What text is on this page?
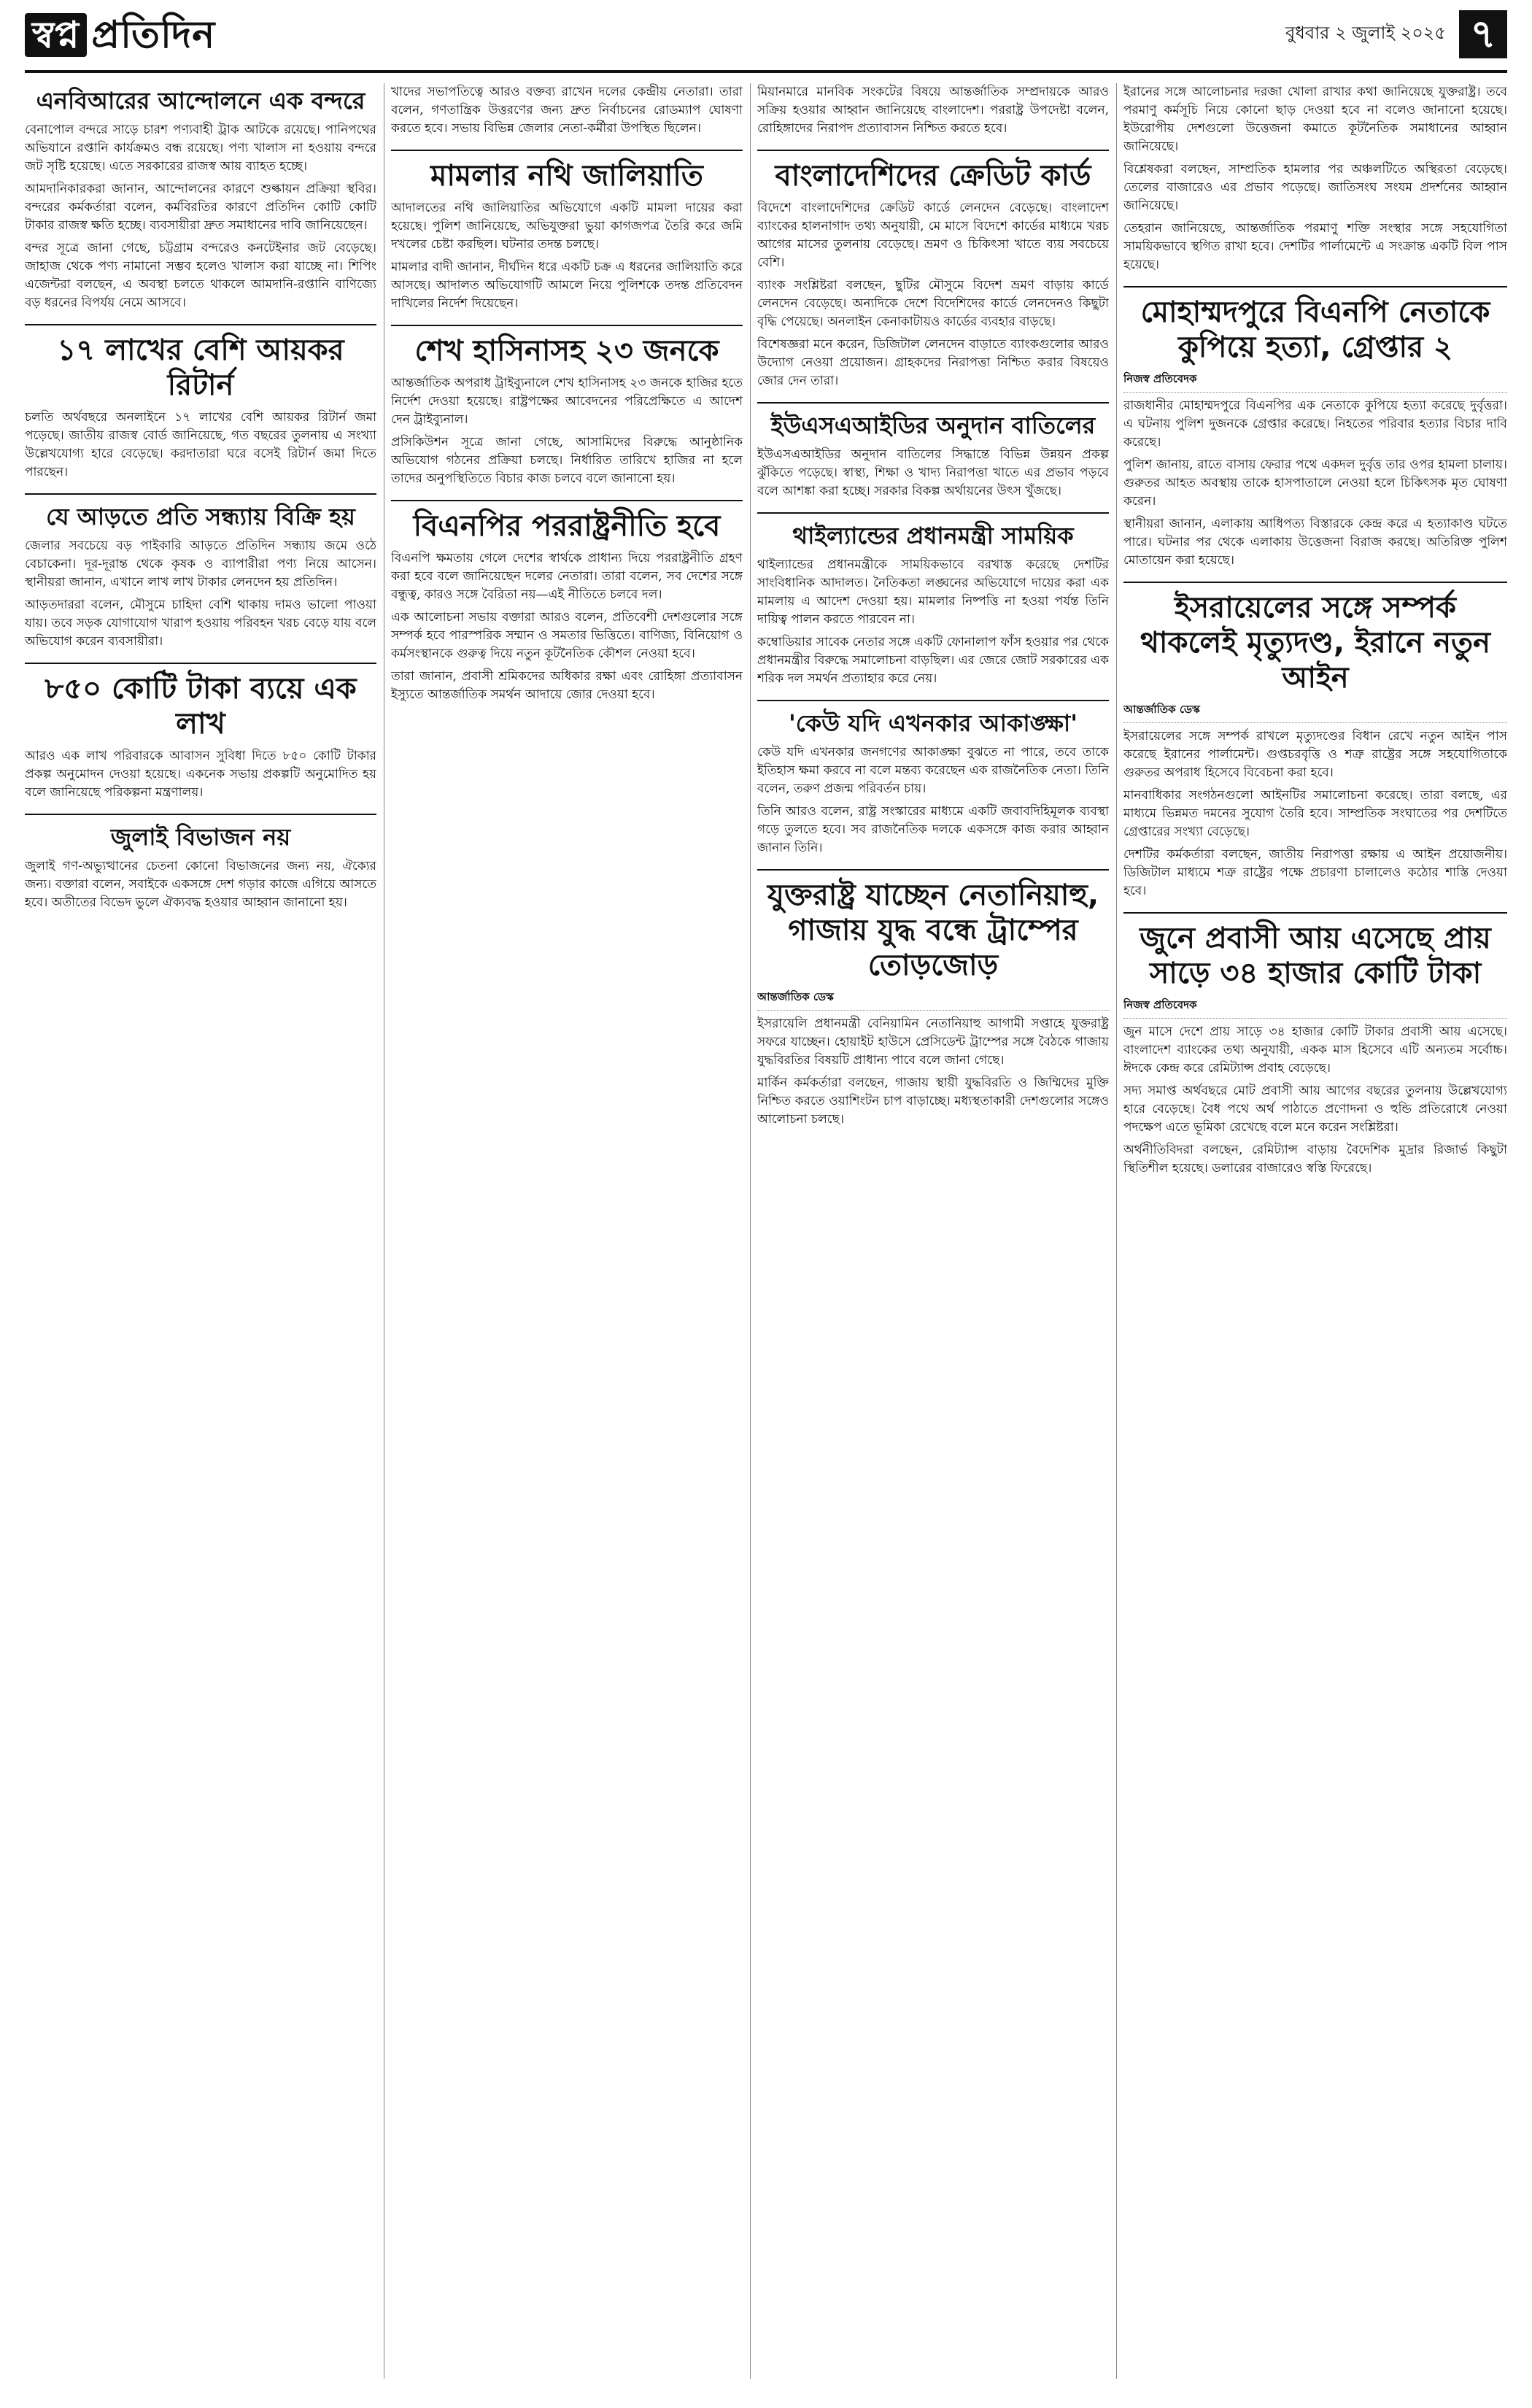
স্বপ্ন প্রতিদিন	বুধবার ২ জুলাই ২০২৫ ৭
এনবিআরের আন্দোলনে এক বন্দরে

বেনাপোল বন্দরে সাড়ে চারশ পণ্যবাহী ট্রাক আটকে রয়েছে। পানিপথের অভিযানে রপ্তানি কার্যক্রমও বন্ধ রয়েছে। পণ্য খালাস না হওয়ায় বন্দরে জট সৃষ্টি হয়েছে। এতে সরকারের রাজস্ব আয় ব্যাহত হচ্ছে।

আমদানিকারকরা জানান, আন্দোলনের কারণে শুল্কায়ন প্রক্রিয়া স্থবির। বন্দরের কর্মকর্তারা বলেন, কর্মবিরতির কারণে প্রতিদিন কোটি কোটি টাকার রাজস্ব ক্ষতি হচ্ছে। ব্যবসায়ীরা দ্রুত সমাধানের দাবি জানিয়েছেন।

বন্দর সূত্রে জানা গেছে, চট্টগ্রাম বন্দরেও কনটেইনার জট বেড়েছে। জাহাজ থেকে পণ্য নামানো সম্ভব হলেও খালাস করা যাচ্ছে না। শিপিং এজেন্টরা বলছেন, এ অবস্থা চলতে থাকলে আমদানি-রপ্তানি বাণিজ্যে বড় ধরনের বিপর্যয় নেমে আসবে।

১৭ লাখের বেশি আয়কর রিটার্ন

চলতি অর্থবছরে অনলাইনে ১৭ লাখের বেশি আয়কর রিটার্ন জমা পড়েছে। জাতীয় রাজস্ব বোর্ড জানিয়েছে, গত বছরের তুলনায় এ সংখ্যা উল্লেখযোগ্য হারে বেড়েছে। করদাতারা ঘরে বসেই রিটার্ন জমা দিতে পারছেন।

যে আড়তে প্রতি সন্ধ্যায় বিক্রি হয়

জেলার সবচেয়ে বড় পাইকারি আড়তে প্রতিদিন সন্ধ্যায় জমে ওঠে বেচাকেনা। দূর-দূরান্ত থেকে কৃষক ও ব্যাপারীরা পণ্য নিয়ে আসেন। স্থানীয়রা জানান, এখানে লাখ লাখ টাকার লেনদেন হয় প্রতিদিন।

আড়তদাররা বলেন, মৌসুমে চাহিদা বেশি থাকায় দামও ভালো পাওয়া যায়। তবে সড়ক যোগাযোগ খারাপ হওয়ায় পরিবহন খরচ বেড়ে যায় বলে অভিযোগ করেন ব্যবসায়ীরা।

৮৫০ কোটি টাকা ব্যয়ে এক লাখ

আরও এক লাখ পরিবারকে আবাসন সুবিধা দিতে ৮৫০ কোটি টাকার প্রকল্প অনুমোদন দেওয়া হয়েছে। একনেক সভায় প্রকল্পটি অনুমোদিত হয় বলে জানিয়েছে পরিকল্পনা মন্ত্রণালয়।

জুলাই বিভাজন নয়

জুলাই গণ-অভ্যুত্থানের চেতনা কোনো বিভাজনের জন্য নয়, ঐক্যের জন্য। বক্তারা বলেন, সবাইকে একসঙ্গে দেশ গড়ার কাজে এগিয়ে আসতে হবে। অতীতের বিভেদ ভুলে ঐক্যবদ্ধ হওয়ার আহ্বান জানানো হয়।

খাদের সভাপতিত্বে আরও বক্তব্য রাখেন দলের কেন্দ্রীয় নেতারা। তারা বলেন, গণতান্ত্রিক উত্তরণের জন্য দ্রুত নির্বাচনের রোডম্যাপ ঘোষণা করতে হবে। সভায় বিভিন্ন জেলার নেতা-কর্মীরা উপস্থিত ছিলেন।

মামলার নথি জালিয়াতি

আদালতের নথি জালিয়াতির অভিযোগে একটি মামলা দায়ের করা হয়েছে। পুলিশ জানিয়েছে, অভিযুক্তরা ভুয়া কাগজপত্র তৈরি করে জমি দখলের চেষ্টা করছিল। ঘটনার তদন্ত চলছে।

মামলার বাদী জানান, দীর্ঘদিন ধরে একটি চক্র এ ধরনের জালিয়াতি করে আসছে। আদালত অভিযোগটি আমলে নিয়ে পুলিশকে তদন্ত প্রতিবেদন দাখিলের নির্দেশ দিয়েছেন।

শেখ হাসিনাসহ ২৩ জনকে

আন্তর্জাতিক অপরাধ ট্রাইব্যুনালে শেখ হাসিনাসহ ২৩ জনকে হাজির হতে নির্দেশ দেওয়া হয়েছে। রাষ্ট্রপক্ষের আবেদনের পরিপ্রেক্ষিতে এ আদেশ দেন ট্রাইব্যুনাল।

প্রসিকিউশন সূত্রে জানা গেছে, আসামিদের বিরুদ্ধে আনুষ্ঠানিক অভিযোগ গঠনের প্রক্রিয়া চলছে। নির্ধারিত তারিখে হাজির না হলে তাদের অনুপস্থিতিতে বিচার কাজ চলবে বলে জানানো হয়।

বিএনপির পররাষ্ট্রনীতি হবে

বিএনপি ক্ষমতায় গেলে দেশের স্বার্থকে প্রাধান্য দিয়ে পররাষ্ট্রনীতি গ্রহণ করা হবে বলে জানিয়েছেন দলের নেতারা। তারা বলেন, সব দেশের সঙ্গে বন্ধুত্ব, কারও সঙ্গে বৈরিতা নয়—এই নীতিতে চলবে দল।

এক আলোচনা সভায় বক্তারা আরও বলেন, প্রতিবেশী দেশগুলোর সঙ্গে সম্পর্ক হবে পারস্পরিক সম্মান ও সমতার ভিত্তিতে। বাণিজ্য, বিনিয়োগ ও কর্মসংস্থানকে গুরুত্ব দিয়ে নতুন কূটনৈতিক কৌশল নেওয়া হবে।

তারা জানান, প্রবাসী শ্রমিকদের অধিকার রক্ষা এবং রোহিঙ্গা প্রত্যাবাসন ইস্যুতে আন্তর্জাতিক সমর্থন আদায়ে জোর দেওয়া হবে।

মিয়ানমারে মানবিক সংকটের বিষয়ে আন্তর্জাতিক সম্প্রদায়কে আরও সক্রিয় হওয়ার আহ্বান জানিয়েছে বাংলাদেশ। পররাষ্ট্র উপদেষ্টা বলেন, রোহিঙ্গাদের নিরাপদ প্রত্যাবাসন নিশ্চিত করতে হবে।

বাংলাদেশিদের ক্রেডিট কার্ড

বিদেশে বাংলাদেশিদের ক্রেডিট কার্ডে লেনদেন বেড়েছে। বাংলাদেশ ব্যাংকের হালনাগাদ তথ্য অনুযায়ী, মে মাসে বিদেশে কার্ডের মাধ্যমে খরচ আগের মাসের তুলনায় বেড়েছে। ভ্রমণ ও চিকিৎসা খাতে ব্যয় সবচেয়ে বেশি।

ব্যাংক সংশ্লিষ্টরা বলছেন, ছুটির মৌসুমে বিদেশ ভ্রমণ বাড়ায় কার্ডে লেনদেন বেড়েছে। অন্যদিকে দেশে বিদেশিদের কার্ডে লেনদেনও কিছুটা বৃদ্ধি পেয়েছে। অনলাইন কেনাকাটায়ও কার্ডের ব্যবহার বাড়ছে।

বিশেষজ্ঞরা মনে করেন, ডিজিটাল লেনদেন বাড়াতে ব্যাংকগুলোর আরও উদ্যোগ নেওয়া প্রয়োজন। গ্রাহকদের নিরাপত্তা নিশ্চিত করার বিষয়েও জোর দেন তারা।

ইউএসএআইডির অনুদান বাতিলের

ইউএসএআইডির অনুদান বাতিলের সিদ্ধান্তে বিভিন্ন উন্নয়ন প্রকল্প ঝুঁকিতে পড়েছে। স্বাস্থ্য, শিক্ষা ও খাদ্য নিরাপত্তা খাতে এর প্রভাব পড়বে বলে আশঙ্কা করা হচ্ছে। সরকার বিকল্প অর্থায়নের উৎস খুঁজছে।

থাইল্যান্ডের প্রধানমন্ত্রী সাময়িক

থাইল্যান্ডের প্রধানমন্ত্রীকে সাময়িকভাবে বরখাস্ত করেছে দেশটির সাংবিধানিক আদালত। নৈতিকতা লঙ্ঘনের অভিযোগে দায়ের করা এক মামলায় এ আদেশ দেওয়া হয়। মামলার নিষ্পত্তি না হওয়া পর্যন্ত তিনি দায়িত্ব পালন করতে পারবেন না।

কম্বোডিয়ার সাবেক নেতার সঙ্গে একটি ফোনালাপ ফাঁস হওয়ার পর থেকে প্রধানমন্ত্রীর বিরুদ্ধে সমালোচনা বাড়ছিল। এর জেরে জোট সরকারের এক শরিক দল সমর্থন প্রত্যাহার করে নেয়।

'কেউ যদি এখনকার আকাঙ্ক্ষা'

কেউ যদি এখনকার জনগণের আকাঙ্ক্ষা বুঝতে না পারে, তবে তাকে ইতিহাস ক্ষমা করবে না বলে মন্তব্য করেছেন এক রাজনৈতিক নেতা। তিনি বলেন, তরুণ প্রজন্ম পরিবর্তন চায়।

তিনি আরও বলেন, রাষ্ট্র সংস্কারের মাধ্যমে একটি জবাবদিহিমূলক ব্যবস্থা গড়ে তুলতে হবে। সব রাজনৈতিক দলকে একসঙ্গে কাজ করার আহ্বান জানান তিনি।

যুক্তরাষ্ট্র যাচ্ছেন নেতানিয়াহু, গাজায় যুদ্ধ বন্ধে ট্রাম্পের তোড়জোড়
আন্তর্জাতিক ডেস্ক

ইসরায়েলি প্রধানমন্ত্রী বেনিয়ামিন নেতানিয়াহু আগামী সপ্তাহে যুক্তরাষ্ট্র সফরে যাচ্ছেন। হোয়াইট হাউসে প্রেসিডেন্ট ট্রাম্পের সঙ্গে বৈঠকে গাজায় যুদ্ধবিরতির বিষয়টি প্রাধান্য পাবে বলে জানা গেছে।

মার্কিন কর্মকর্তারা বলছেন, গাজায় স্থায়ী যুদ্ধবিরতি ও জিম্মিদের মুক্তি নিশ্চিত করতে ওয়াশিংটন চাপ বাড়াচ্ছে। মধ্যস্থতাকারী দেশগুলোর সঙ্গেও আলোচনা চলছে।

ইরানের সঙ্গে আলোচনার দরজা খোলা রাখার কথা জানিয়েছে যুক্তরাষ্ট্র। তবে পরমাণু কর্মসূচি নিয়ে কোনো ছাড় দেওয়া হবে না বলেও জানানো হয়েছে। ইউরোপীয় দেশগুলো উত্তেজনা কমাতে কূটনৈতিক সমাধানের আহ্বান জানিয়েছে।

বিশ্লেষকরা বলছেন, সাম্প্রতিক হামলার পর অঞ্চলটিতে অস্থিরতা বেড়েছে। তেলের বাজারেও এর প্রভাব পড়েছে। জাতিসংঘ সংযম প্রদর্শনের আহ্বান জানিয়েছে।

তেহরান জানিয়েছে, আন্তর্জাতিক পরমাণু শক্তি সংস্থার সঙ্গে সহযোগিতা সাময়িকভাবে স্থগিত রাখা হবে। দেশটির পার্লামেন্টে এ সংক্রান্ত একটি বিল পাস হয়েছে।

মোহাম্মদপুরে বিএনপি নেতাকে কুপিয়ে হত্যা, গ্রেপ্তার ২
নিজস্ব প্রতিবেদক

রাজধানীর মোহাম্মদপুরে বিএনপির এক নেতাকে কুপিয়ে হত্যা করেছে দুর্বৃত্তরা। এ ঘটনায় পুলিশ দুজনকে গ্রেপ্তার করেছে। নিহতের পরিবার হত্যার বিচার দাবি করেছে।

পুলিশ জানায়, রাতে বাসায় ফেরার পথে একদল দুর্বৃত্ত তার ওপর হামলা চালায়। গুরুতর আহত অবস্থায় তাকে হাসপাতালে নেওয়া হলে চিকিৎসক মৃত ঘোষণা করেন।

স্থানীয়রা জানান, এলাকায় আধিপত্য বিস্তারকে কেন্দ্র করে এ হত্যাকাণ্ড ঘটতে পারে। ঘটনার পর থেকে এলাকায় উত্তেজনা বিরাজ করছে। অতিরিক্ত পুলিশ মোতায়েন করা হয়েছে।

ইসরায়েলের সঙ্গে সম্পর্ক থাকলেই মৃত্যুদণ্ড, ইরানে নতুন আইন
আন্তর্জাতিক ডেস্ক

ইসরায়েলের সঙ্গে সম্পর্ক রাখলে মৃত্যুদণ্ডের বিধান রেখে নতুন আইন পাস করেছে ইরানের পার্লামেন্ট। গুপ্তচরবৃত্তি ও শত্রু রাষ্ট্রের সঙ্গে সহযোগিতাকে গুরুতর অপরাধ হিসেবে বিবেচনা করা হবে।

মানবাধিকার সংগঠনগুলো আইনটির সমালোচনা করেছে। তারা বলছে, এর মাধ্যমে ভিন্নমত দমনের সুযোগ তৈরি হবে। সাম্প্রতিক সংঘাতের পর দেশটিতে গ্রেপ্তারের সংখ্যা বেড়েছে।

দেশটির কর্মকর্তারা বলছেন, জাতীয় নিরাপত্তা রক্ষায় এ আইন প্রয়োজনীয়। ডিজিটাল মাধ্যমে শত্রু রাষ্ট্রের পক্ষে প্রচারণা চালালেও কঠোর শাস্তি দেওয়া হবে।

জুনে প্রবাসী আয় এসেছে প্রায় সাড়ে ৩৪ হাজার কোটি টাকা
নিজস্ব প্রতিবেদক

জুন মাসে দেশে প্রায় সাড়ে ৩৪ হাজার কোটি টাকার প্রবাসী আয় এসেছে। বাংলাদেশ ব্যাংকের তথ্য অনুযায়ী, একক মাস হিসেবে এটি অন্যতম সর্বোচ্চ। ঈদকে কেন্দ্র করে রেমিট্যান্স প্রবাহ বেড়েছে।

সদ্য সমাপ্ত অর্থবছরে মোট প্রবাসী আয় আগের বছরের তুলনায় উল্লেখযোগ্য হারে বেড়েছে। বৈধ পথে অর্থ পাঠাতে প্রণোদনা ও হুন্ডি প্রতিরোধে নেওয়া পদক্ষেপ এতে ভূমিকা রেখেছে বলে মনে করেন সংশ্লিষ্টরা।

অর্থনীতিবিদরা বলছেন, রেমিট্যান্স বাড়ায় বৈদেশিক মুদ্রার রিজার্ভ কিছুটা স্থিতিশীল হয়েছে। ডলারের বাজারেও স্বস্তি ফিরেছে।
